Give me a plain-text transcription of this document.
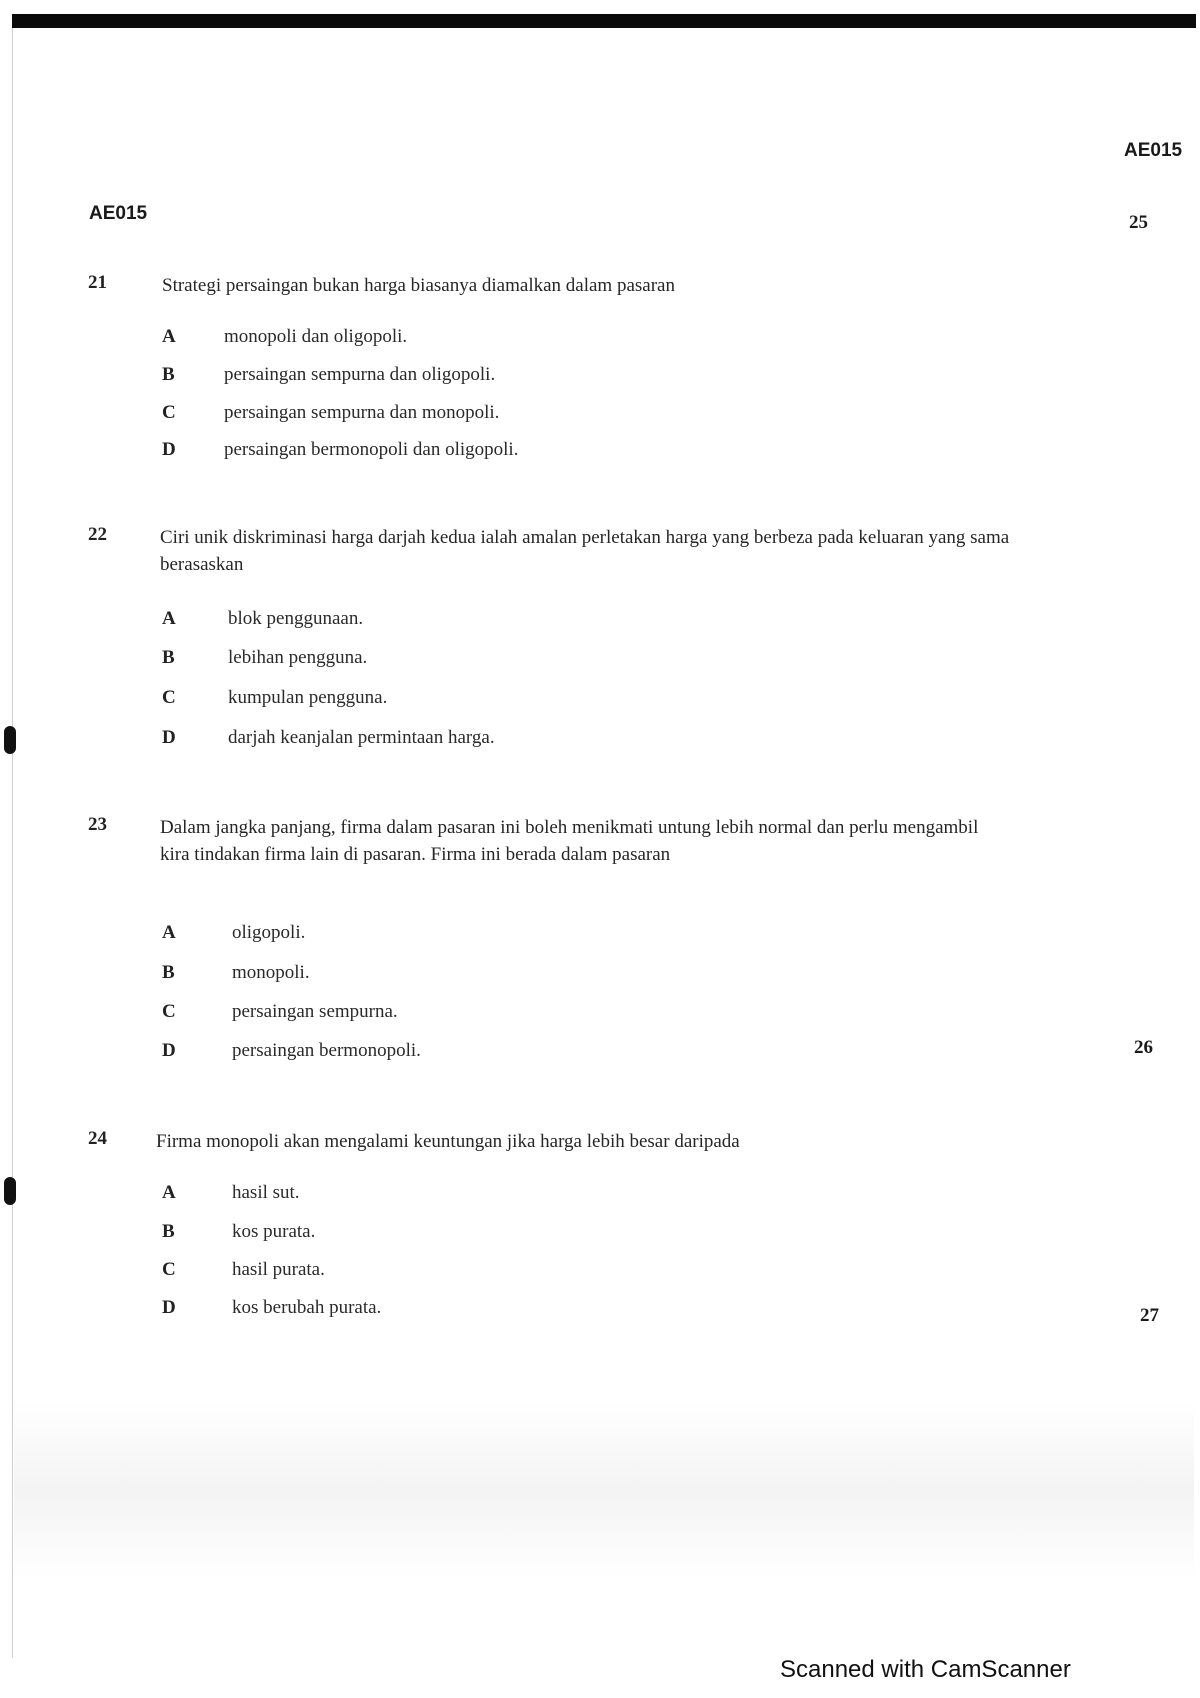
AE015
AE015	25
26
27
21	Strategi persaingan bukan harga biasanya diamalkan dalam pasaran
A	monopoli dan oligopoli.
B	persaingan sempurna dan oligopoli.
C	persaingan sempurna dan monopoli.
D	persaingan bermonopoli dan oligopoli.
22	Ciri unik diskriminasi harga darjah kedua ialah amalan perletakan harga yang berbeza pada keluaran yang sama berasaskan
A	blok penggunaan.
B	lebihan pengguna.
C	kumpulan pengguna.
D	darjah keanjalan permintaan harga.
23	Dalam jangka panjang, firma dalam pasaran ini boleh menikmati untung lebih normal dan perlu mengambil kira tindakan firma lain di pasaran. Firma ini berada dalam pasaran
A	oligopoli.
B	monopoli.
C	persaingan sempurna.
D	persaingan bermonopoli.
24	Firma monopoli akan mengalami keuntungan jika harga lebih besar daripada
A	hasil sut.
B	kos purata.
C	hasil purata.
D	kos berubah purata.
Scanned with CamScanner
